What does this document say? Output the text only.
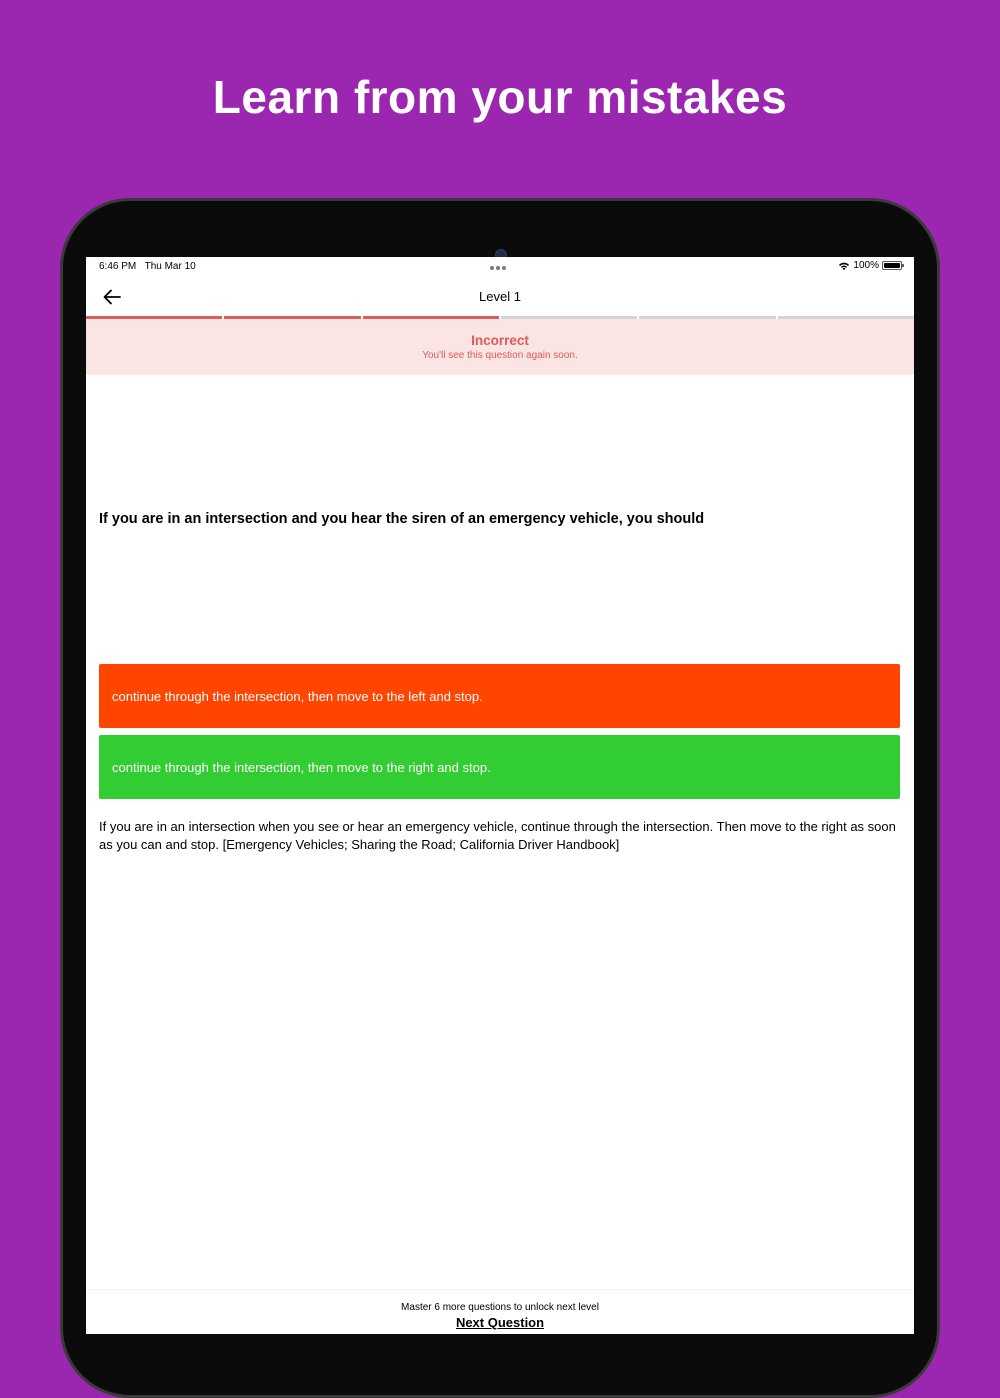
Learn from your mistakes
6:46 PM Thu Mar 10	100%
Level 1
Incorrect
You'll see this question again soon.
If you are in an intersection and you hear the siren of an emergency vehicle, you should
continue through the intersection, then move to the left and stop.
continue through the intersection, then move to the right and stop.
If you are in an intersection when you see or hear an emergency vehicle, continue through the intersection. Then move to the right as soon as you can and stop. [Emergency Vehicles; Sharing the Road; California Driver Handbook]
Master 6 more questions to unlock next level
Next Question
